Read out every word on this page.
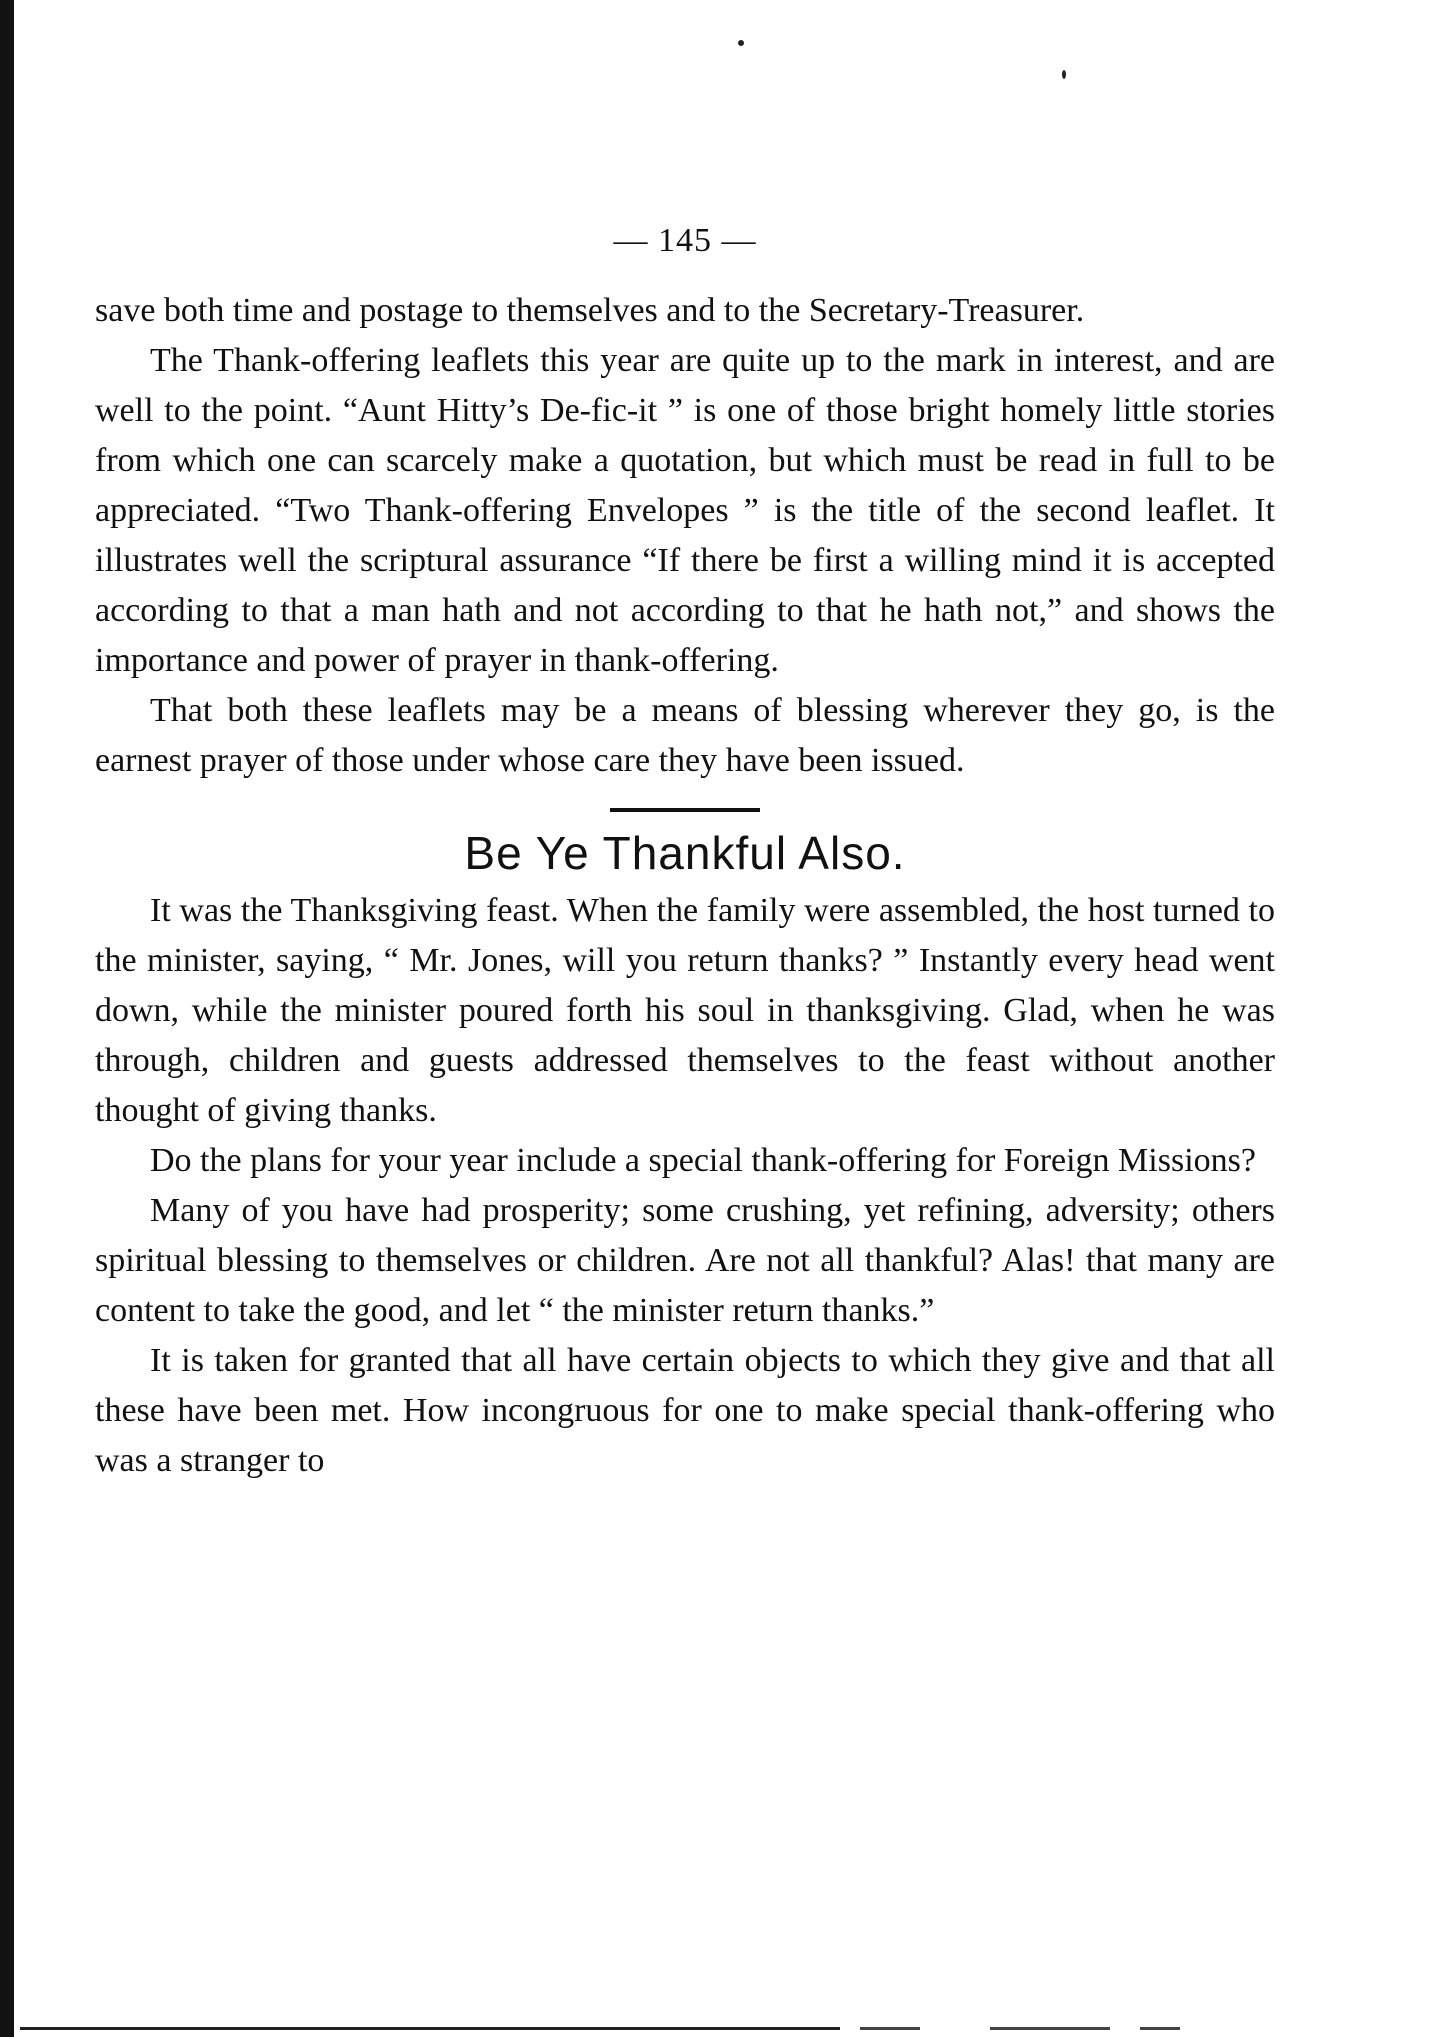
— 145 —

save both time and postage to themselves and to the Secretary-Treasurer.

The Thank-offering leaflets this year are quite up to the mark in interest, and are well to the point. “Aunt Hitty’s De-fic-it ” is one of those bright homely little stories from which one can scarcely make a quotation, but which must be read in full to be appreciated. “Two Thank-offering Envelopes ” is the title of the second leaflet. It illustrates well the scriptural assurance “If there be first a willing mind it is accepted according to that a man hath and not according to that he hath not,” and shows the importance and power of prayer in thank-offering.

That both these leaflets may be a means of blessing wherever they go, is the earnest prayer of those under whose care they have been issued.

Be Ye Thankful Also.

It was the Thanksgiving feast. When the family were assembled, the host turned to the minister, saying, “ Mr. Jones, will you return thanks? ” Instantly every head went down, while the minister poured forth his soul in thanksgiving. Glad, when he was through, children and guests addressed themselves to the feast without another thought of giving thanks.

Do the plans for your year include a special thank-offering for Foreign Missions?

Many of you have had prosperity; some crushing, yet refining, adversity; others spiritual blessing to themselves or children. Are not all thankful? Alas! that many are content to take the good, and let “ the minister return thanks.”

It is taken for granted that all have certain objects to which they give and that all these have been met. How incongruous for one to make special thank-offering who was a stranger to
